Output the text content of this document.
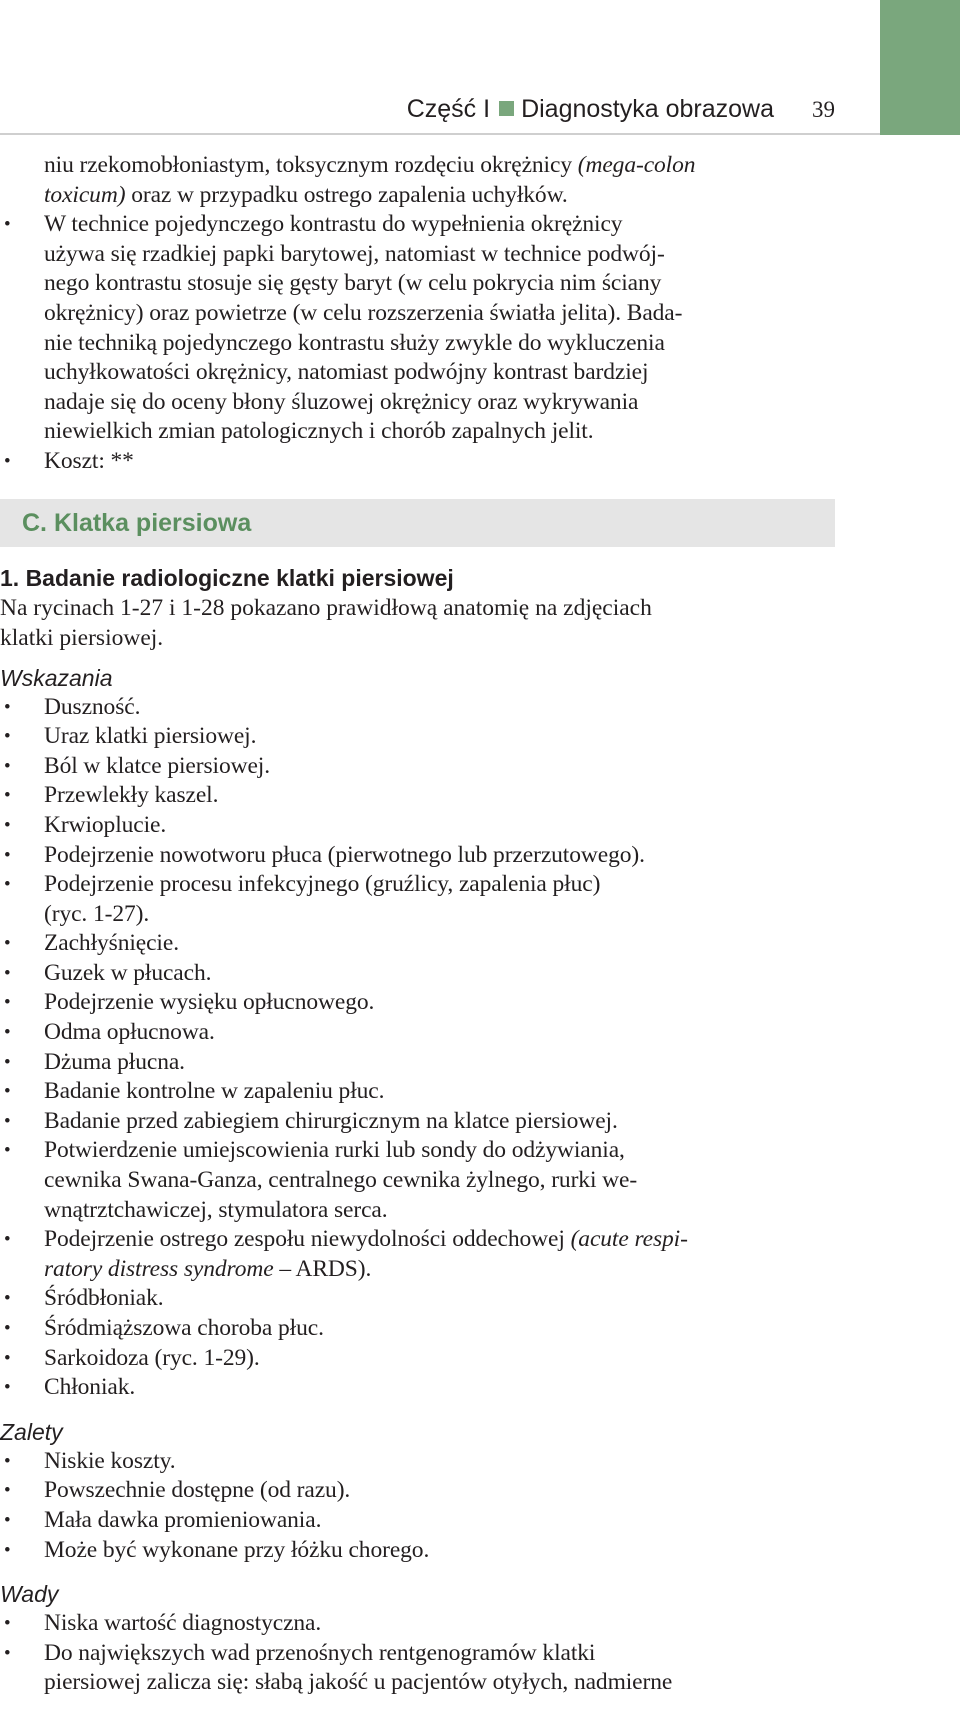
Część I Diagnostyka obrazowa 39
niu rzekomobłoniastym, toksycznym rozdęciu okrężnicy (mega-colon
toxicum) oraz w przypadku ostrego zapalenia uchyłków.
•
W technice pojedynczego kontrastu do wypełnienia okrężnicy
używa się rzadkiej papki barytowej, natomiast w technice podwój-
nego kontrastu stosuje się gęsty baryt (w celu pokrycia nim ściany
okrężnicy) oraz powietrze (w celu rozszerzenia światła jelita). Bada-
nie techniką pojedynczego kontrastu służy zwykle do wykluczenia
uchyłkowatości okrężnicy, natomiast podwójny kontrast bardziej
nadaje się do oceny błony śluzowej okrężnicy oraz wykrywania
niewielkich zmian patologicznych i chorób zapalnych jelit.
•
Koszt: **
C. Klatka piersiowa
1. Badanie radiologiczne klatki piersiowej
Na rycinach 1-27 i 1-28 pokazano prawidłową anatomię na zdjęciach
klatki piersiowej.
Wskazania
•
Duszność.
•
Uraz klatki piersiowej.
•
Ból w klatce piersiowej.
•
Przewlekły kaszel.
•
Krwioplucie.
•
Podejrzenie nowotworu płuca (pierwotnego lub przerzutowego).
•
Podejrzenie procesu infekcyjnego (gruźlicy, zapalenia płuc)
(ryc. 1-27).
•
Zachłyśnięcie.
•
Guzek w płucach.
•
Podejrzenie wysięku opłucnowego.
•
Odma opłucnowa.
•
Dżuma płucna.
•
Badanie kontrolne w zapaleniu płuc.
•
Badanie przed zabiegiem chirurgicznym na klatce piersiowej.
•
Potwierdzenie umiejscowienia rurki lub sondy do odżywiania,
cewnika Swana-Ganza, centralnego cewnika żylnego, rurki we-
wnątrztchawiczej, stymulatora serca.
•
Podejrzenie ostrego zespołu niewydolności oddechowej (acute respi-
ratory distress syndrome – ARDS).
•
Śródbłoniak.
•
Śródmiąższowa choroba płuc.
•
Sarkoidoza (ryc. 1-29).
•
Chłoniak.
Zalety
•
Niskie koszty.
•
Powszechnie dostępne (od razu).
•
Mała dawka promieniowania.
•
Może być wykonane przy łóżku chorego.
Wady
•
Niska wartość diagnostyczna.
•
Do największych wad przenośnych rentgenogramów klatki
piersiowej zalicza się: słabą jakość u pacjentów otyłych, nadmierne
